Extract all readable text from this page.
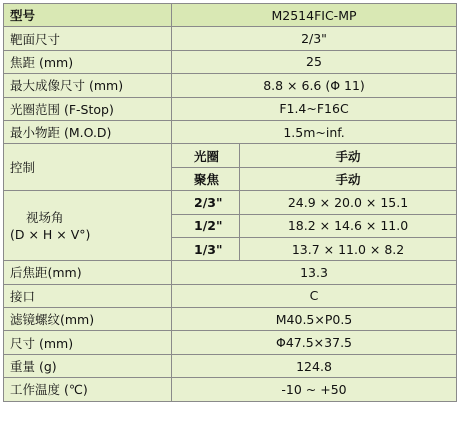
型号	M2514FIC-MP	
靶面尺寸	2/3"	
焦距 (mm)	25	
最大成像尺寸 (mm)	8.8 × 6.6 (Φ 11)	
光圈范围 (F-Stop)	F1.4~F16C	
最小物距 (M.O.D)	1.5m~inf.	
控制	光圈	手动
	聚焦	手动
视场角
(D × H × V°)	2/3"	24.9 × 20.0 × 15.1
	1/2"	18.2 × 14.6 × 11.0
	1/3"	13.7 × 11.0 × 8.2
后焦距(mm)	13.3	
接口	C	
滤镜螺纹(mm)	M40.5×P0.5	
尺寸 (mm)	Φ47.5×37.5	
重量 (g)	124.8	
工作温度 (℃)	-10 ~ +50	
